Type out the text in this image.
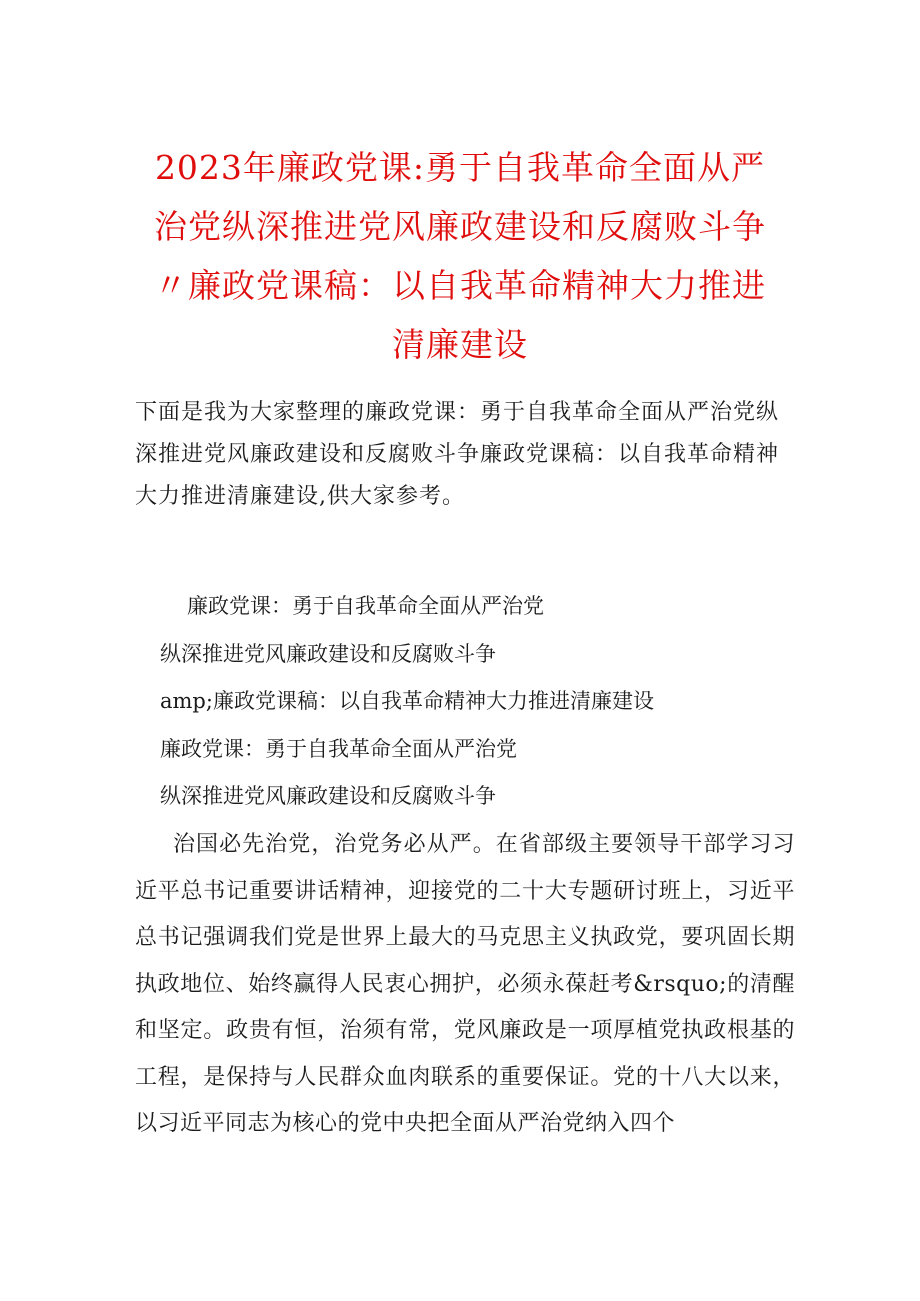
2023年廉政党课:勇于自我革命全面从严治党纵深推进党风廉政建设和反腐败斗争〃廉政党课稿：以自我革命精神大力推进清廉建设

下面是我为大家整理的廉政党课：勇于自我革命全面从严治党纵深推进党风廉政建设和反腐败斗争廉政党课稿：以自我革命精神大力推进清廉建设,供大家参考。

廉政党课：勇于自我革命全面从严治党
纵深推进党风廉政建设和反腐败斗争
amp;廉政党课稿：以自我革命精神大力推进清廉建设
廉政党课：勇于自我革命全面从严治党
纵深推进党风廉政建设和反腐败斗争

治国必先治党，治党务必从严。在省部级主要领导干部学习习近平总书记重要讲话精神，迎接党的二十大专题研讨班上，习近平总书记强调我们党是世界上最大的马克思主义执政党，要巩固长期执政地位、始终赢得人民衷心拥护，必须永葆赶考&rsquo;的清醒和坚定。政贵有恒，治须有常，党风廉政是一项厚植党执政根基的工程，是保持与人民群众血肉联系的重要保证。党的十八大以来，以习近平同志为核心的党中央把全面从严治党纳入四个
